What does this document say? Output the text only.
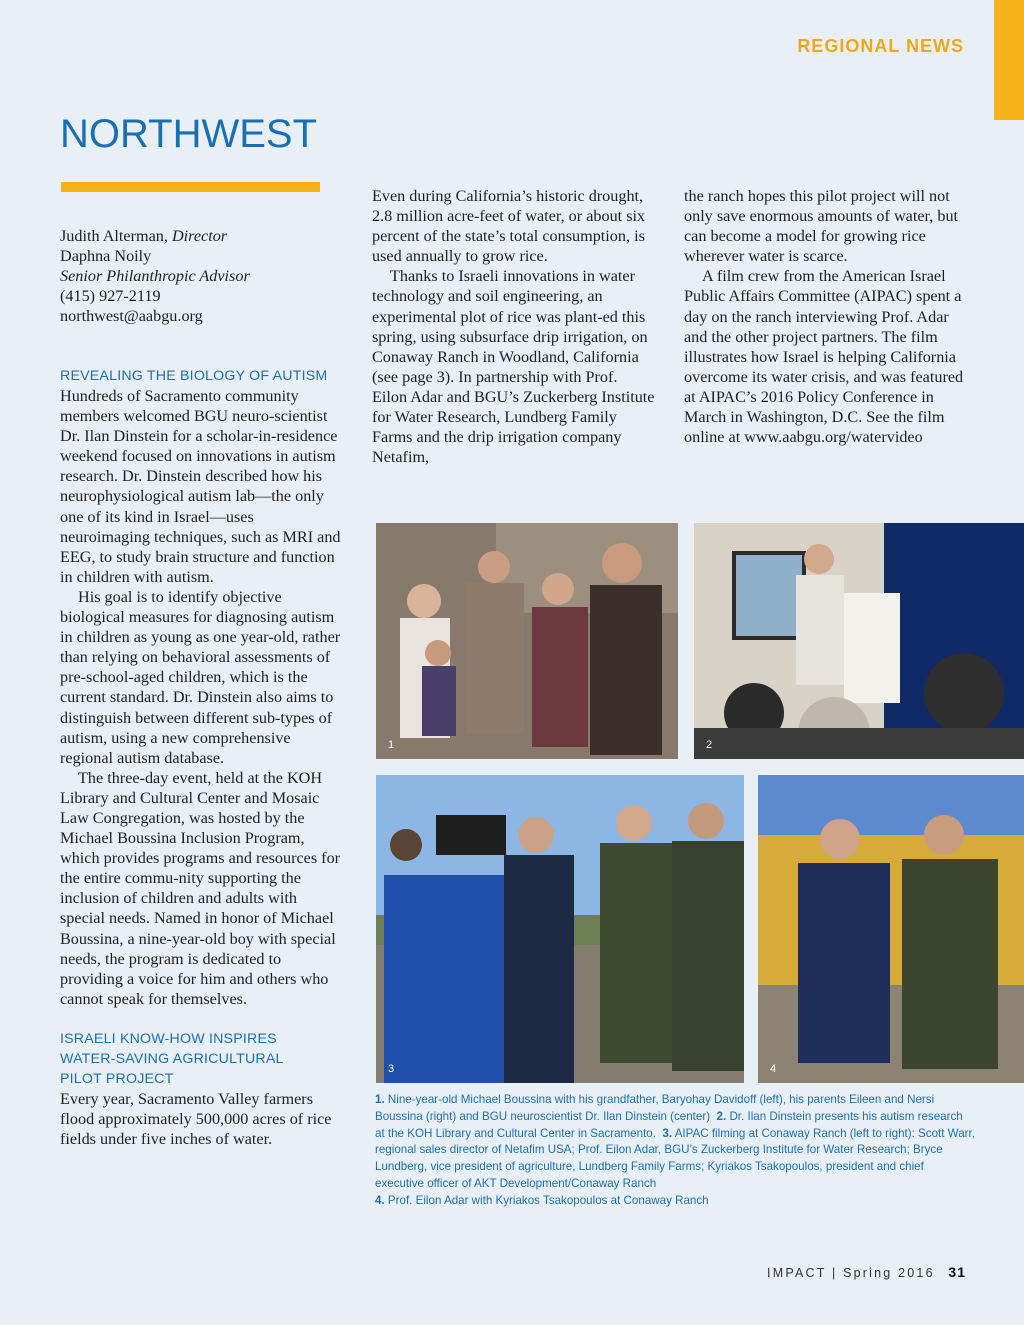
REGIONAL NEWS
NORTHWEST
Judith Alterman, Director
Daphna Noily
Senior Philanthropic Advisor
(415) 927-2119
northwest@aabgu.org

REVEALING THE BIOLOGY OF AUTISM

Hundreds of Sacramento community members welcomed BGU neuro-scientist Dr. Ilan Dinstein for a scholar-in-residence weekend focused on innovations in autism research. Dr. Dinstein described how his neurophysiological autism lab—the only one of its kind in Israel—uses neuroimaging techniques, such as MRI and EEG, to study brain structure and function in children with autism.

His goal is to identify objective biological measures for diagnosing autism in children as young as one year-old, rather than relying on behavioral assessments of pre-school-aged children, which is the current standard. Dr. Dinstein also aims to distinguish between different sub-types of autism, using a new comprehensive regional autism database.

The three-day event, held at the KOH Library and Cultural Center and Mosaic Law Congregation, was hosted by the Michael Boussina Inclusion Program, which provides programs and resources for the entire commu-nity supporting the inclusion of children and adults with special needs. Named in honor of Michael Boussina, a nine-year-old boy with special needs, the program is dedicated to providing a voice for him and others who cannot speak for themselves.

ISRAELI KNOW-HOW INSPIRES

WATER-SAVING AGRICULTURAL

PILOT PROJECT

Every year, Sacramento Valley farmers flood approximately 500,000 acres of rice fields under five inches of water.

Even during California’s historic drought, 2.8 million acre-feet of water, or about six percent of the state’s total consumption, is used annually to grow rice.

Thanks to Israeli innovations in water technology and soil engineering, an experimental plot of rice was plant-ed this spring, using subsurface drip irrigation, on Conaway Ranch in Woodland, California (see page 3). In partnership with Prof. Eilon Adar and BGU’s Zuckerberg Institute for Water Research, Lundberg Family Farms and the drip irrigation company Netafim,

the ranch hopes this pilot project will not only save enormous amounts of water, but can become a model for growing rice wherever water is scarce.

A film crew from the American Israel Public Affairs Committee (AIPAC) spent a day on the ranch interviewing Prof. Adar and the other project partners. The film illustrates how Israel is helping California overcome its water crisis, and was featured at AIPAC’s 2016 Policy Conference in March in Washington, D.C. See the film online at www.aabgu.org/watervideo

1	2
3	4
1. Nine-year-old Michael Boussina with his grandfather, Baryohay Davidoff (left), his parents Eileen and Nersi Boussina (right) and BGU neuroscientist Dr. Ilan Dinstein (center) 2. Dr. Ilan Dinstein presents his autism research at the KOH Library and Cultural Center in Sacramento. 3. AIPAC filming at Conaway Ranch (left to right): Scott Warr, regional sales director of Netafim USA; Prof. Eilon Adar, BGU’s Zuckerberg Institute for Water Research; Bryce Lundberg, vice president of agriculture, Lundberg Family Farms; Kyriakos Tsakopoulos, president and chief executive officer of AKT Development/Conaway Ranch
4. Prof. Eilon Adar with Kyriakos Tsakopoulos at Conaway Ranch
IMPACT | Spring 2016 31
